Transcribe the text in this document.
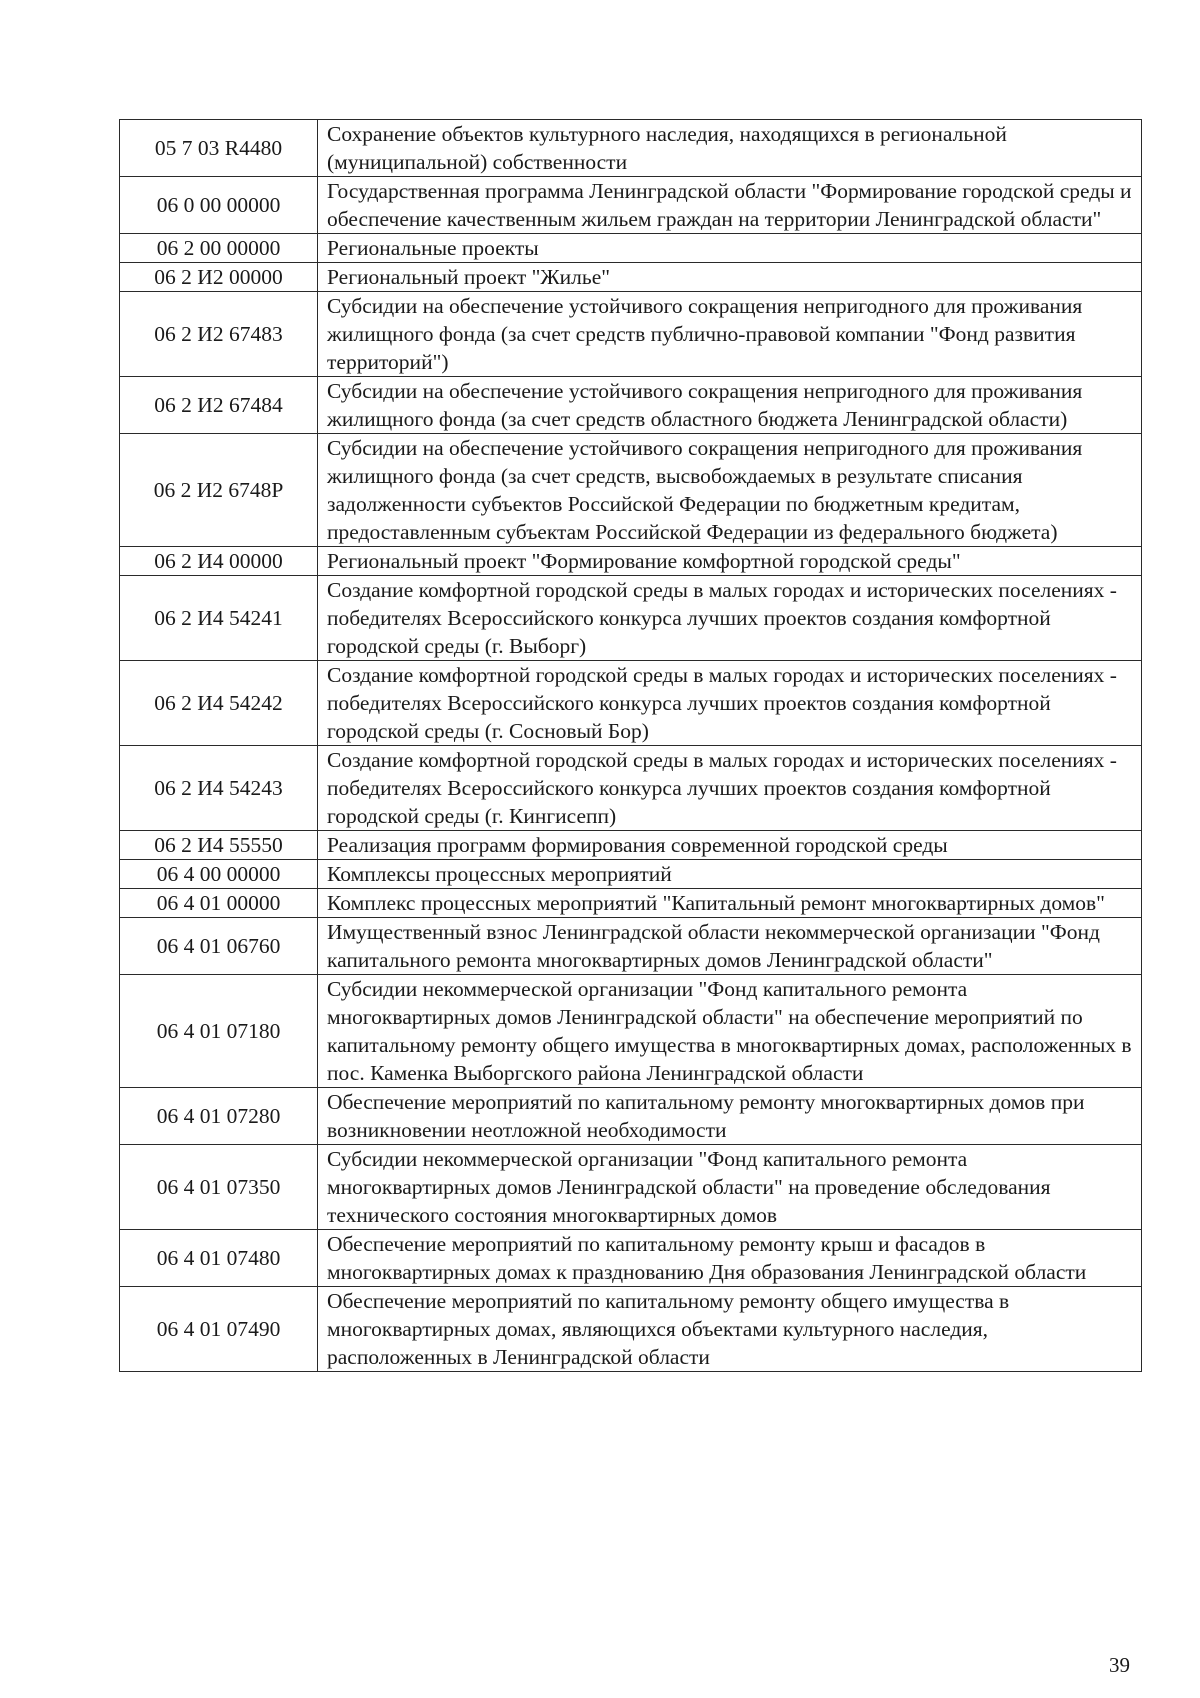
05 7 03 R4480	Сохранение объектов культурного наследия, находящихся в региональной (муниципальной) собственности
06 0 00 00000	Государственная программа Ленинградской области "Формирование городской среды и обеспечение качественным жильем граждан на территории Ленинградской области"
06 2 00 00000	Региональные проекты
06 2 И2 00000	Региональный проект "Жилье"
06 2 И2 67483	Субсидии на обеспечение устойчивого сокращения непригодного для проживания жилищного фонда (за счет средств публично-правовой компании "Фонд развития территорий")
06 2 И2 67484	Субсидии на обеспечение устойчивого сокращения непригодного для проживания жилищного фонда (за счет средств областного бюджета Ленинградской области)
06 2 И2 6748Р	Субсидии на обеспечение устойчивого сокращения непригодного для проживания жилищного фонда (за счет средств, высвобождаемых в результате списания задолженности субъектов Российской Федерации по бюджетным кредитам, предоставленным субъектам Российской Федерации из федерального бюджета)
06 2 И4 00000	Региональный проект "Формирование комфортной городской среды"
06 2 И4 54241	Создание комфортной городской среды в малых городах и исторических поселениях - победителях Всероссийского конкурса лучших проектов создания комфортной городской среды (г. Выборг)
06 2 И4 54242	Создание комфортной городской среды в малых городах и исторических поселениях - победителях Всероссийского конкурса лучших проектов создания комфортной городской среды (г. Сосновый Бор)
06 2 И4 54243	Создание комфортной городской среды в малых городах и исторических поселениях - победителях Всероссийского конкурса лучших проектов создания комфортной городской среды (г. Кингисепп)
06 2 И4 55550	Реализация программ формирования современной городской среды
06 4 00 00000	Комплексы процессных мероприятий
06 4 01 00000	Комплекс процессных мероприятий "Капитальный ремонт многоквартирных домов"
06 4 01 06760	Имущественный взнос Ленинградской области некоммерческой организации "Фонд капитального ремонта многоквартирных домов Ленинградской области"
06 4 01 07180	Субсидии некоммерческой организации "Фонд капитального ремонта многоквартирных домов Ленинградской области" на обеспечение мероприятий по капитальному ремонту общего имущества в многоквартирных домах, расположенных в пос. Каменка Выборгского района Ленинградской области
06 4 01 07280	Обеспечение мероприятий по капитальному ремонту многоквартирных домов при возникновении неотложной необходимости
06 4 01 07350	Субсидии некоммерческой организации "Фонд капитального ремонта многоквартирных домов Ленинградской области" на проведение обследования технического состояния многоквартирных домов
06 4 01 07480	Обеспечение мероприятий по капитальному ремонту крыш и фасадов в многоквартирных домах к празднованию Дня образования Ленинградской области
06 4 01 07490	Обеспечение мероприятий по капитальному ремонту общего имущества в многоквартирных домах, являющихся объектами культурного наследия, расположенных в Ленинградской области
39
